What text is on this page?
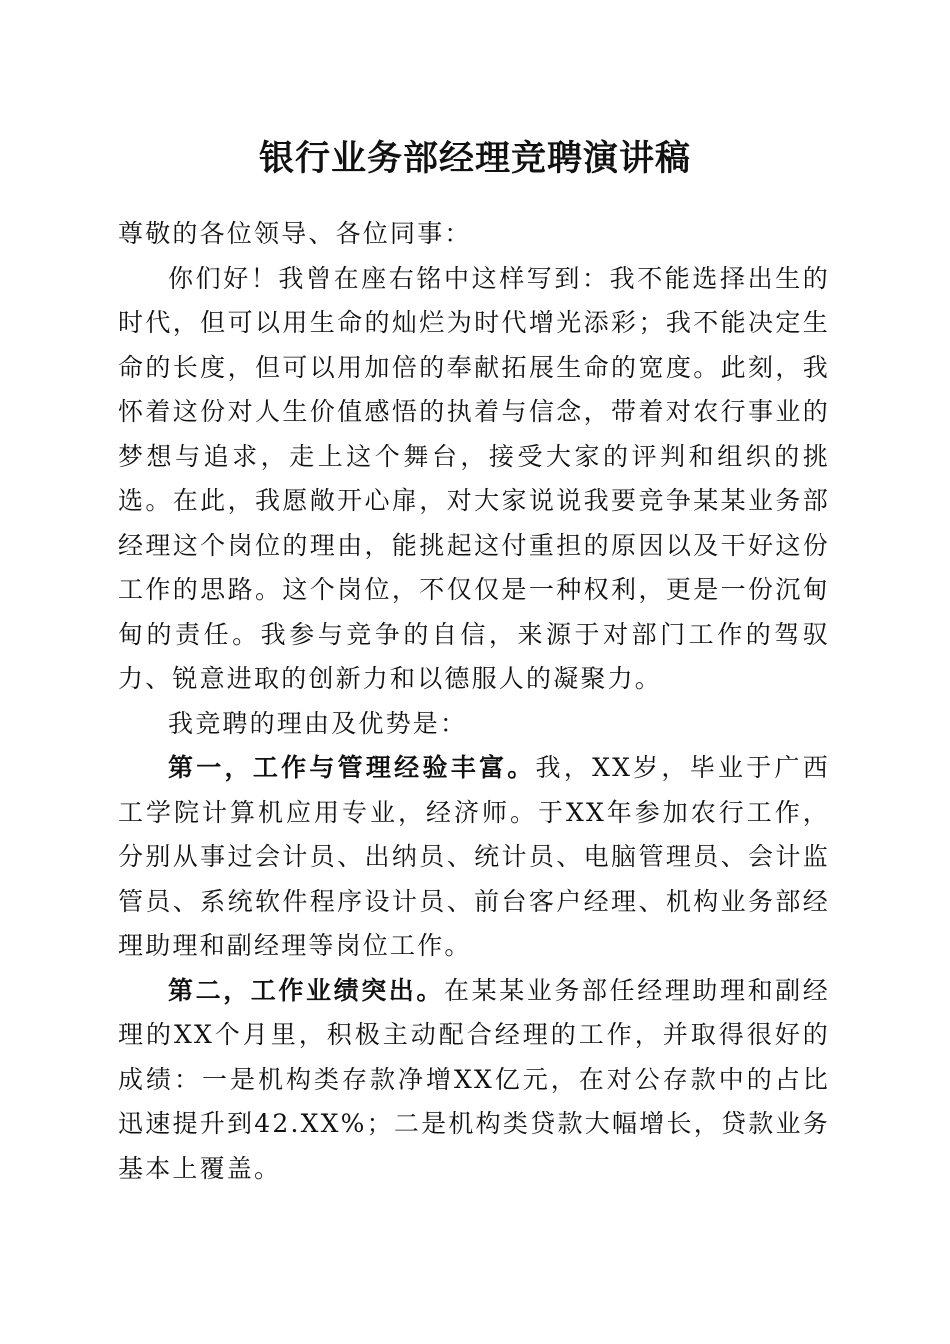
银行业务部经理竞聘演讲稿

尊敬的各位领导、各位同事：

你们好！我曾在座右铭中这样写到：我不能选择出生的时代，但可以用生命的灿烂为时代增光添彩；我不能决定生命的长度，但可以用加倍的奉献拓展生命的宽度。此刻，我怀着这份对人生价值感悟的执着与信念，带着对农行事业的梦想与追求，走上这个舞台，接受大家的评判和组织的挑选。在此，我愿敞开心扉，对大家说说我要竞争某某业务部经理这个岗位的理由，能挑起这付重担的原因以及干好这份工作的思路。这个岗位，不仅仅是一种权利，更是一份沉甸甸的责任。我参与竞争的自信，来源于对部门工作的驾驭力、锐意进取的创新力和以德服人的凝聚力。

我竞聘的理由及优势是：

第一，工作与管理经验丰富。我，XX岁，毕业于广西工学院计算机应用专业，经济师。于XX年参加农行工作，分别从事过会计员、出纳员、统计员、电脑管理员、会计监管员、系统软件程序设计员、前台客户经理、机构业务部经理助理和副经理等岗位工作。

第二，工作业绩突出。在某某业务部任经理助理和副经理的XX个月里，积极主动配合经理的工作，并取得很好的成绩：一是机构类存款净增XX亿元，在对公存款中的占比迅速提升到42.XX%；二是机构类贷款大幅增长，贷款业务基本上覆盖。
